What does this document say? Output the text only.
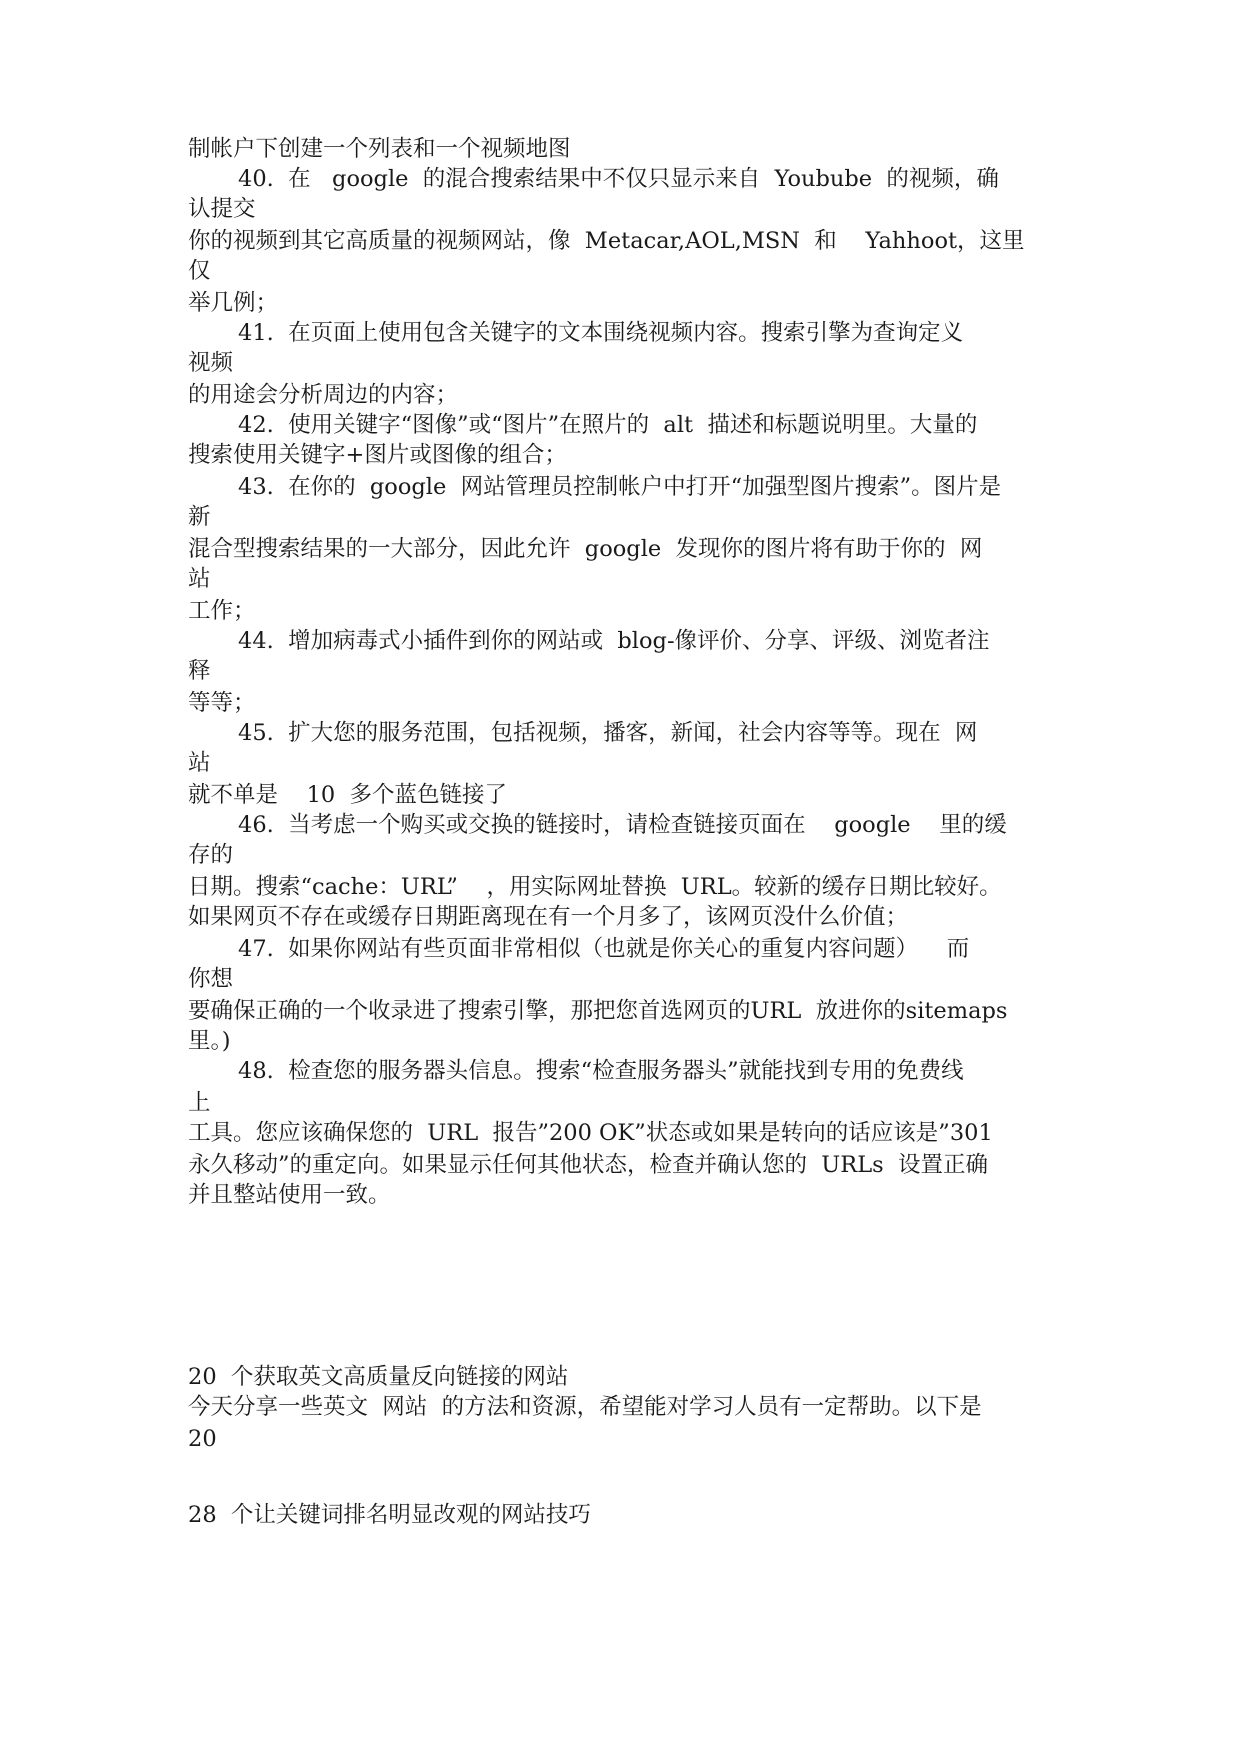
制帐户下创建一个列表和一个视频地图

40.  在   google  的混合搜索结果中不仅只显示来自  Youbube  的视频，确

认提交

你的视频到其它高质量的视频网站，像  Metacar,AOL,MSN  和    Yahhoot，这里

仅

举几例；

41.  在页面上使用包含关键字的文本围绕视频内容。搜索引擎为查询定义

视频

的用途会分析周边的内容；

42.  使用关键字“图像”或“图片”在照片的  alt  描述和标题说明里。大量的

搜索使用关键字+图片或图像的组合；

43.  在你的  google  网站管理员控制帐户中打开“加强型图片搜索”。图片是

新

混合型搜索结果的一大部分，因此允许  google  发现你的图片将有助于你的  网

站

工作；

44.  增加病毒式小插件到你的网站或  blog-像评价、分享、评级、浏览者注

释

等等；

45.  扩大您的服务范围，包括视频，播客，新闻，社会内容等等。现在  网

站

就不单是    10  多个蓝色链接了

46.  当考虑一个购买或交换的链接时，请检查链接页面在    google    里的缓

存的

日期。搜索“cache：URL”    ，用实际网址替换  URL。较新的缓存日期比较好。

如果网页不存在或缓存日期距离现在有一个月多了，该网页没什么价值；

47.  如果你网站有些页面非常相似（也就是你关心的重复内容问题）    而

你想

要确保正确的一个收录进了搜索引擎，那把您首选网页的URL  放进你的sitemaps

里。)

48.  检查您的服务器头信息。搜索“检查服务器头”就能找到专用的免费线

上

工具。您应该确保您的  URL  报告”200 OK”状态或如果是转向的话应该是”301

永久移动”的重定向。如果显示任何其他状态，检查并确认您的  URLs  设置正确

并且整站使用一致。

20  个获取英文高质量反向链接的网站

今天分享一些英文  网站  的方法和资源，希望能对学习人员有一定帮助。以下是

20

28  个让关键词排名明显改观的网站技巧
